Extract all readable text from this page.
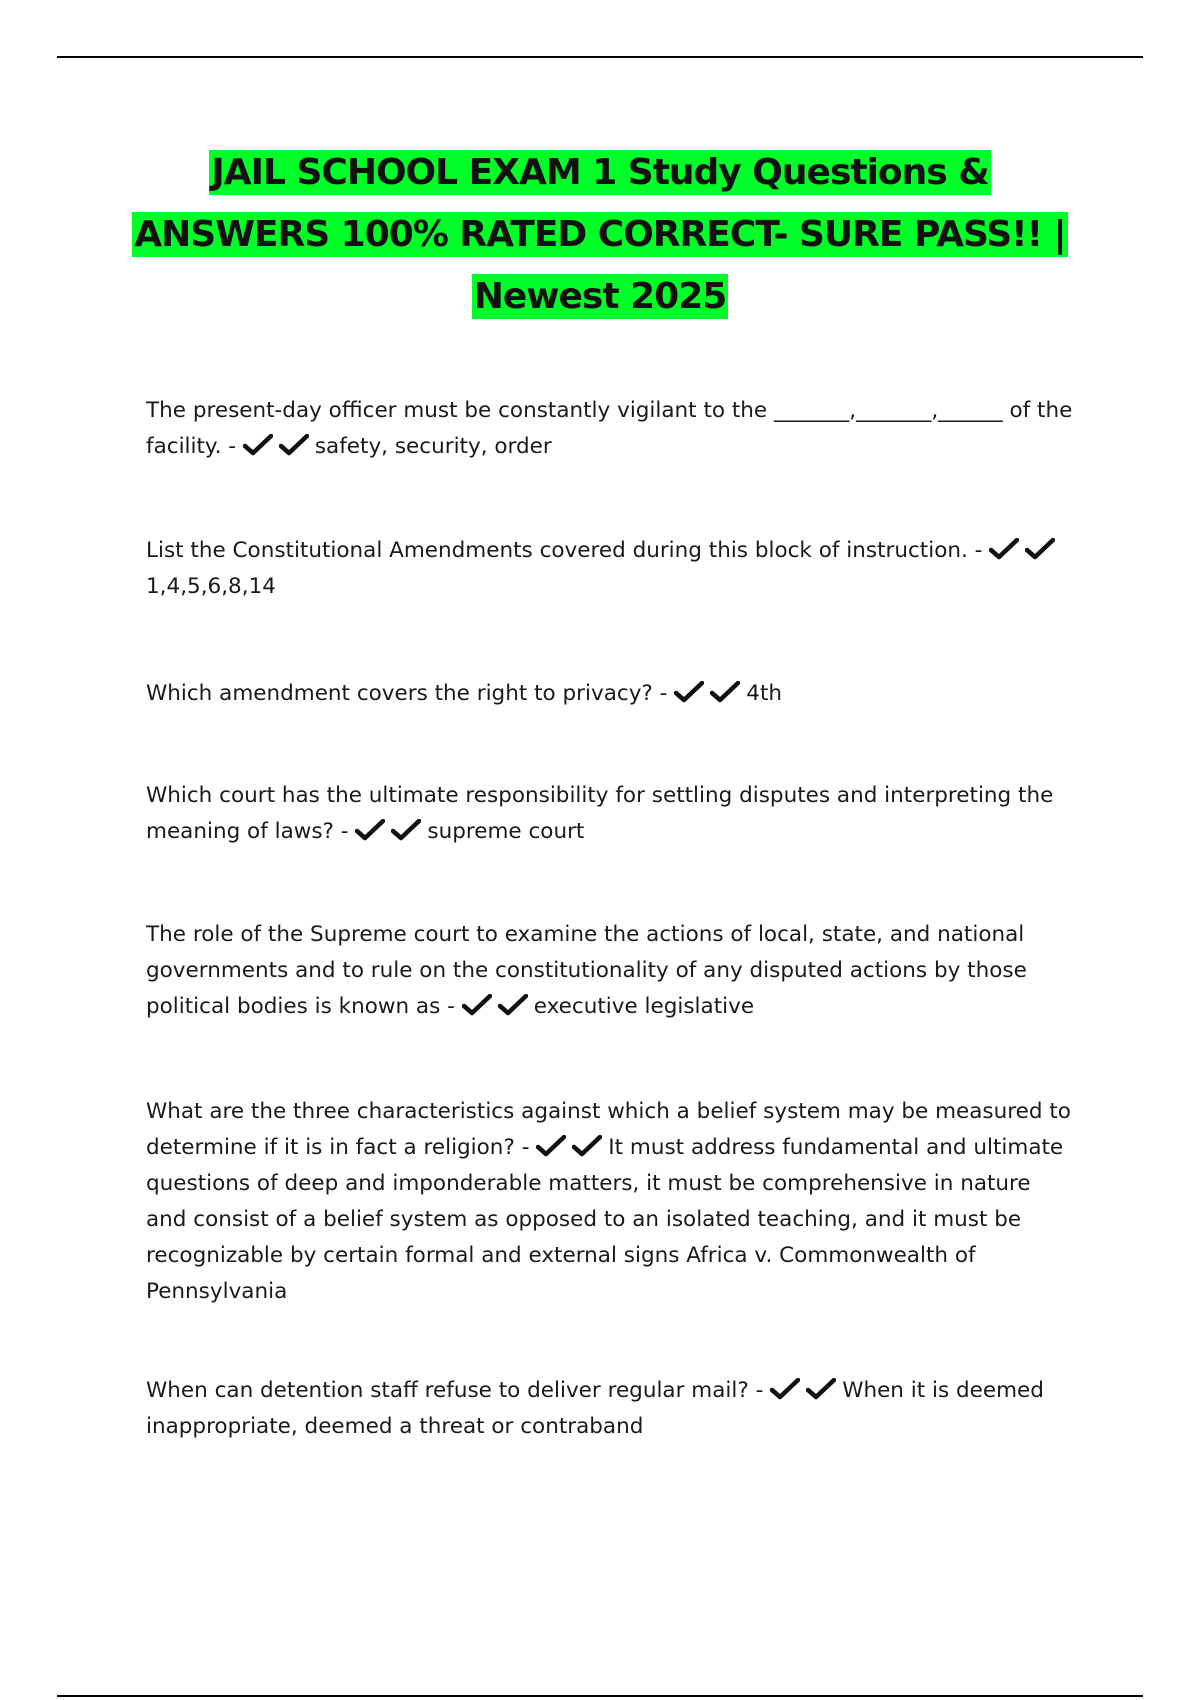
JAIL SCHOOL EXAM 1 Study Questions &
ANSWERS 100% RATED CORRECT- SURE PASS!! |
Newest 2025
The present-day officer must be constantly vigilant to the _______,_______,______ of the facility. -	safety, security, order
List the Constitutional Amendments covered during this block of instruction. -
1,4,5,6,8,14
Which amendment covers the right to privacy? -	4th
Which court has the ultimate responsibility for settling disputes and interpreting the meaning of laws? -	supreme court
The role of the Supreme court to examine the actions of local, state, and national governments and to rule on the constitutionality of any disputed actions by those political bodies is known as -	executive legislative
What are the three characteristics against which a belief system may be measured to determine if it is in fact a religion? -	It must address fundamental and ultimate questions of deep and imponderable matters, it must be comprehensive in nature and consist of a belief system as opposed to an isolated teaching, and it must be recognizable by certain formal and external signs Africa v. Commonwealth of Pennsylvania
When can detention staff refuse to deliver regular mail? -	When it is deemed inappropriate, deemed a threat or contraband
